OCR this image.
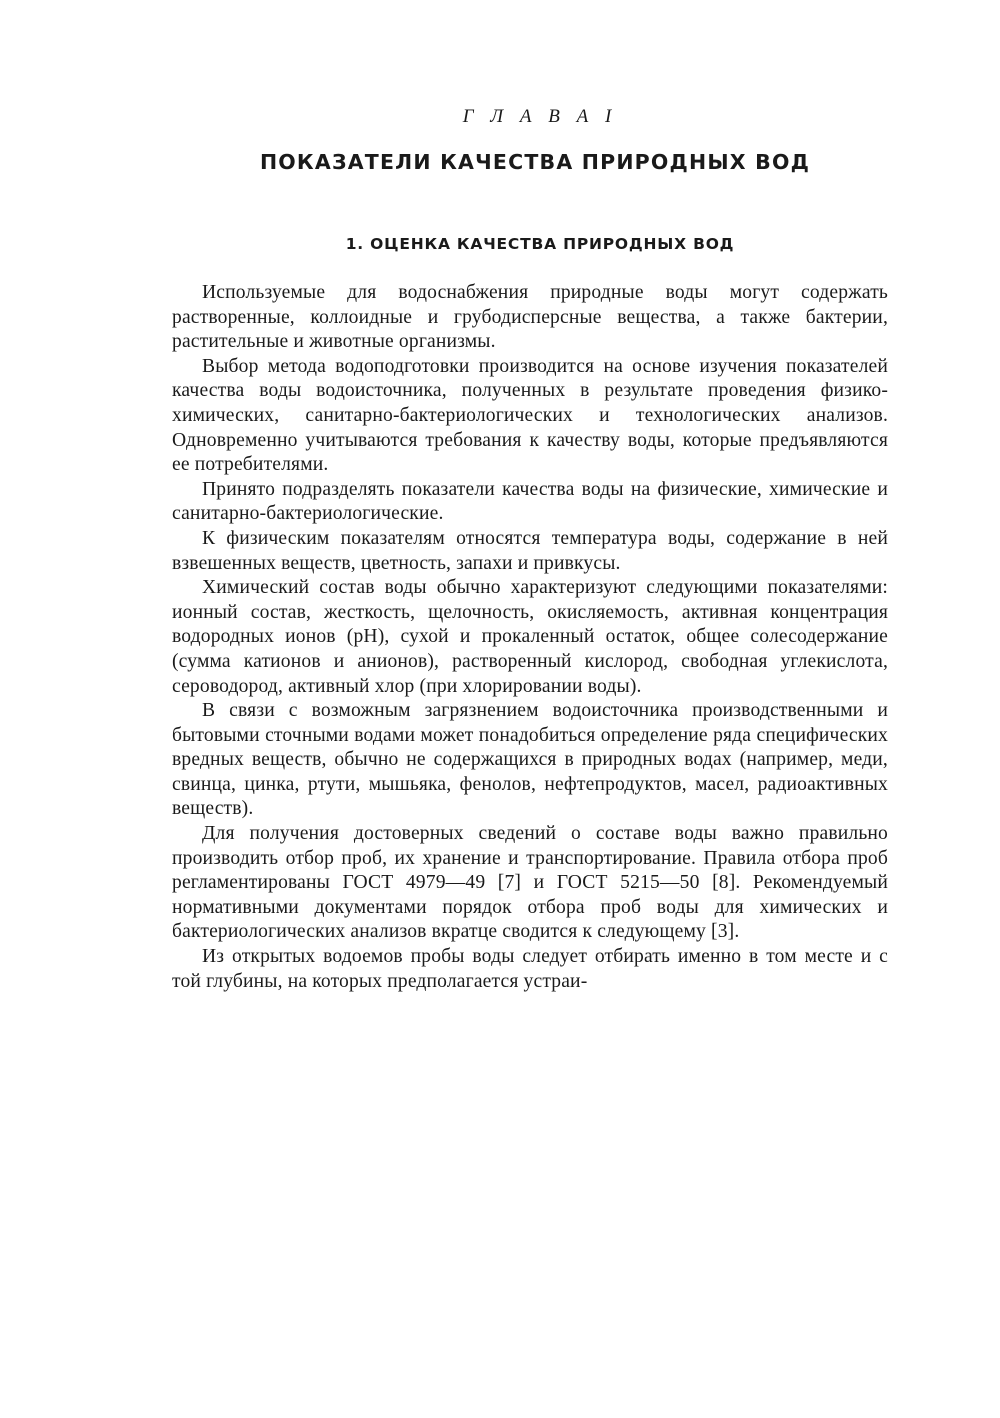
Г Л А В А I
ПОКАЗАТЕЛИ КАЧЕСТВА ПРИРОДНЫХ ВОД
1. ОЦЕНКА КАЧЕСТВА ПРИРОДНЫХ ВОД

Используемые для водоснабжения природные воды могут содержать растворенные, коллоидные и грубодисперсные вещества, а также бактерии, растительные и животные организмы.

Выбор метода водоподготовки производится на основе изучения показателей качества воды водоисточника, полученных в результате проведения физико-химических, санитарно-бактериологических и технологических анализов. Одновременно учитываются требования к качеству воды, которые предъявляются ее потребителями.

Принято подразделять показатели качества воды на физические, химические и санитарно-бактериологические.

К физическим показателям относятся температура воды, содержание в ней взвешенных веществ, цветность, запахи и привкусы.

Химический состав воды обычно характеризуют следующими показателями: ионный состав, жесткость, щелочность, окисляемость, активная концентрация водородных ионов (pH), сухой и прокаленный остаток, общее солесодержание (сумма катионов и анионов), растворенный кислород, свободная углекислота, сероводород, активный хлор (при хлорировании воды).

В связи с возможным загрязнением водоисточника производственными и бытовыми сточными водами может понадобиться определение ряда специфических вредных веществ, обычно не содержащихся в природных водах (например, меди, свинца, цинка, ртути, мышьяка, фенолов, нефтепродуктов, масел, радиоактивных веществ).

Для получения достоверных сведений о составе воды важно правильно производить отбор проб, их хранение и транспортирование. Правила отбора проб регламентированы ГОСТ 4979—49 [7] и ГОСТ 5215—50 [8]. Рекомендуемый нормативными документами порядок отбора проб воды для химических и бактериологических анализов вкратце сводится к следующему [3].

Из открытых водоемов пробы воды следует отбирать именно в том месте и с той глубины, на которых предполагается устраи-
